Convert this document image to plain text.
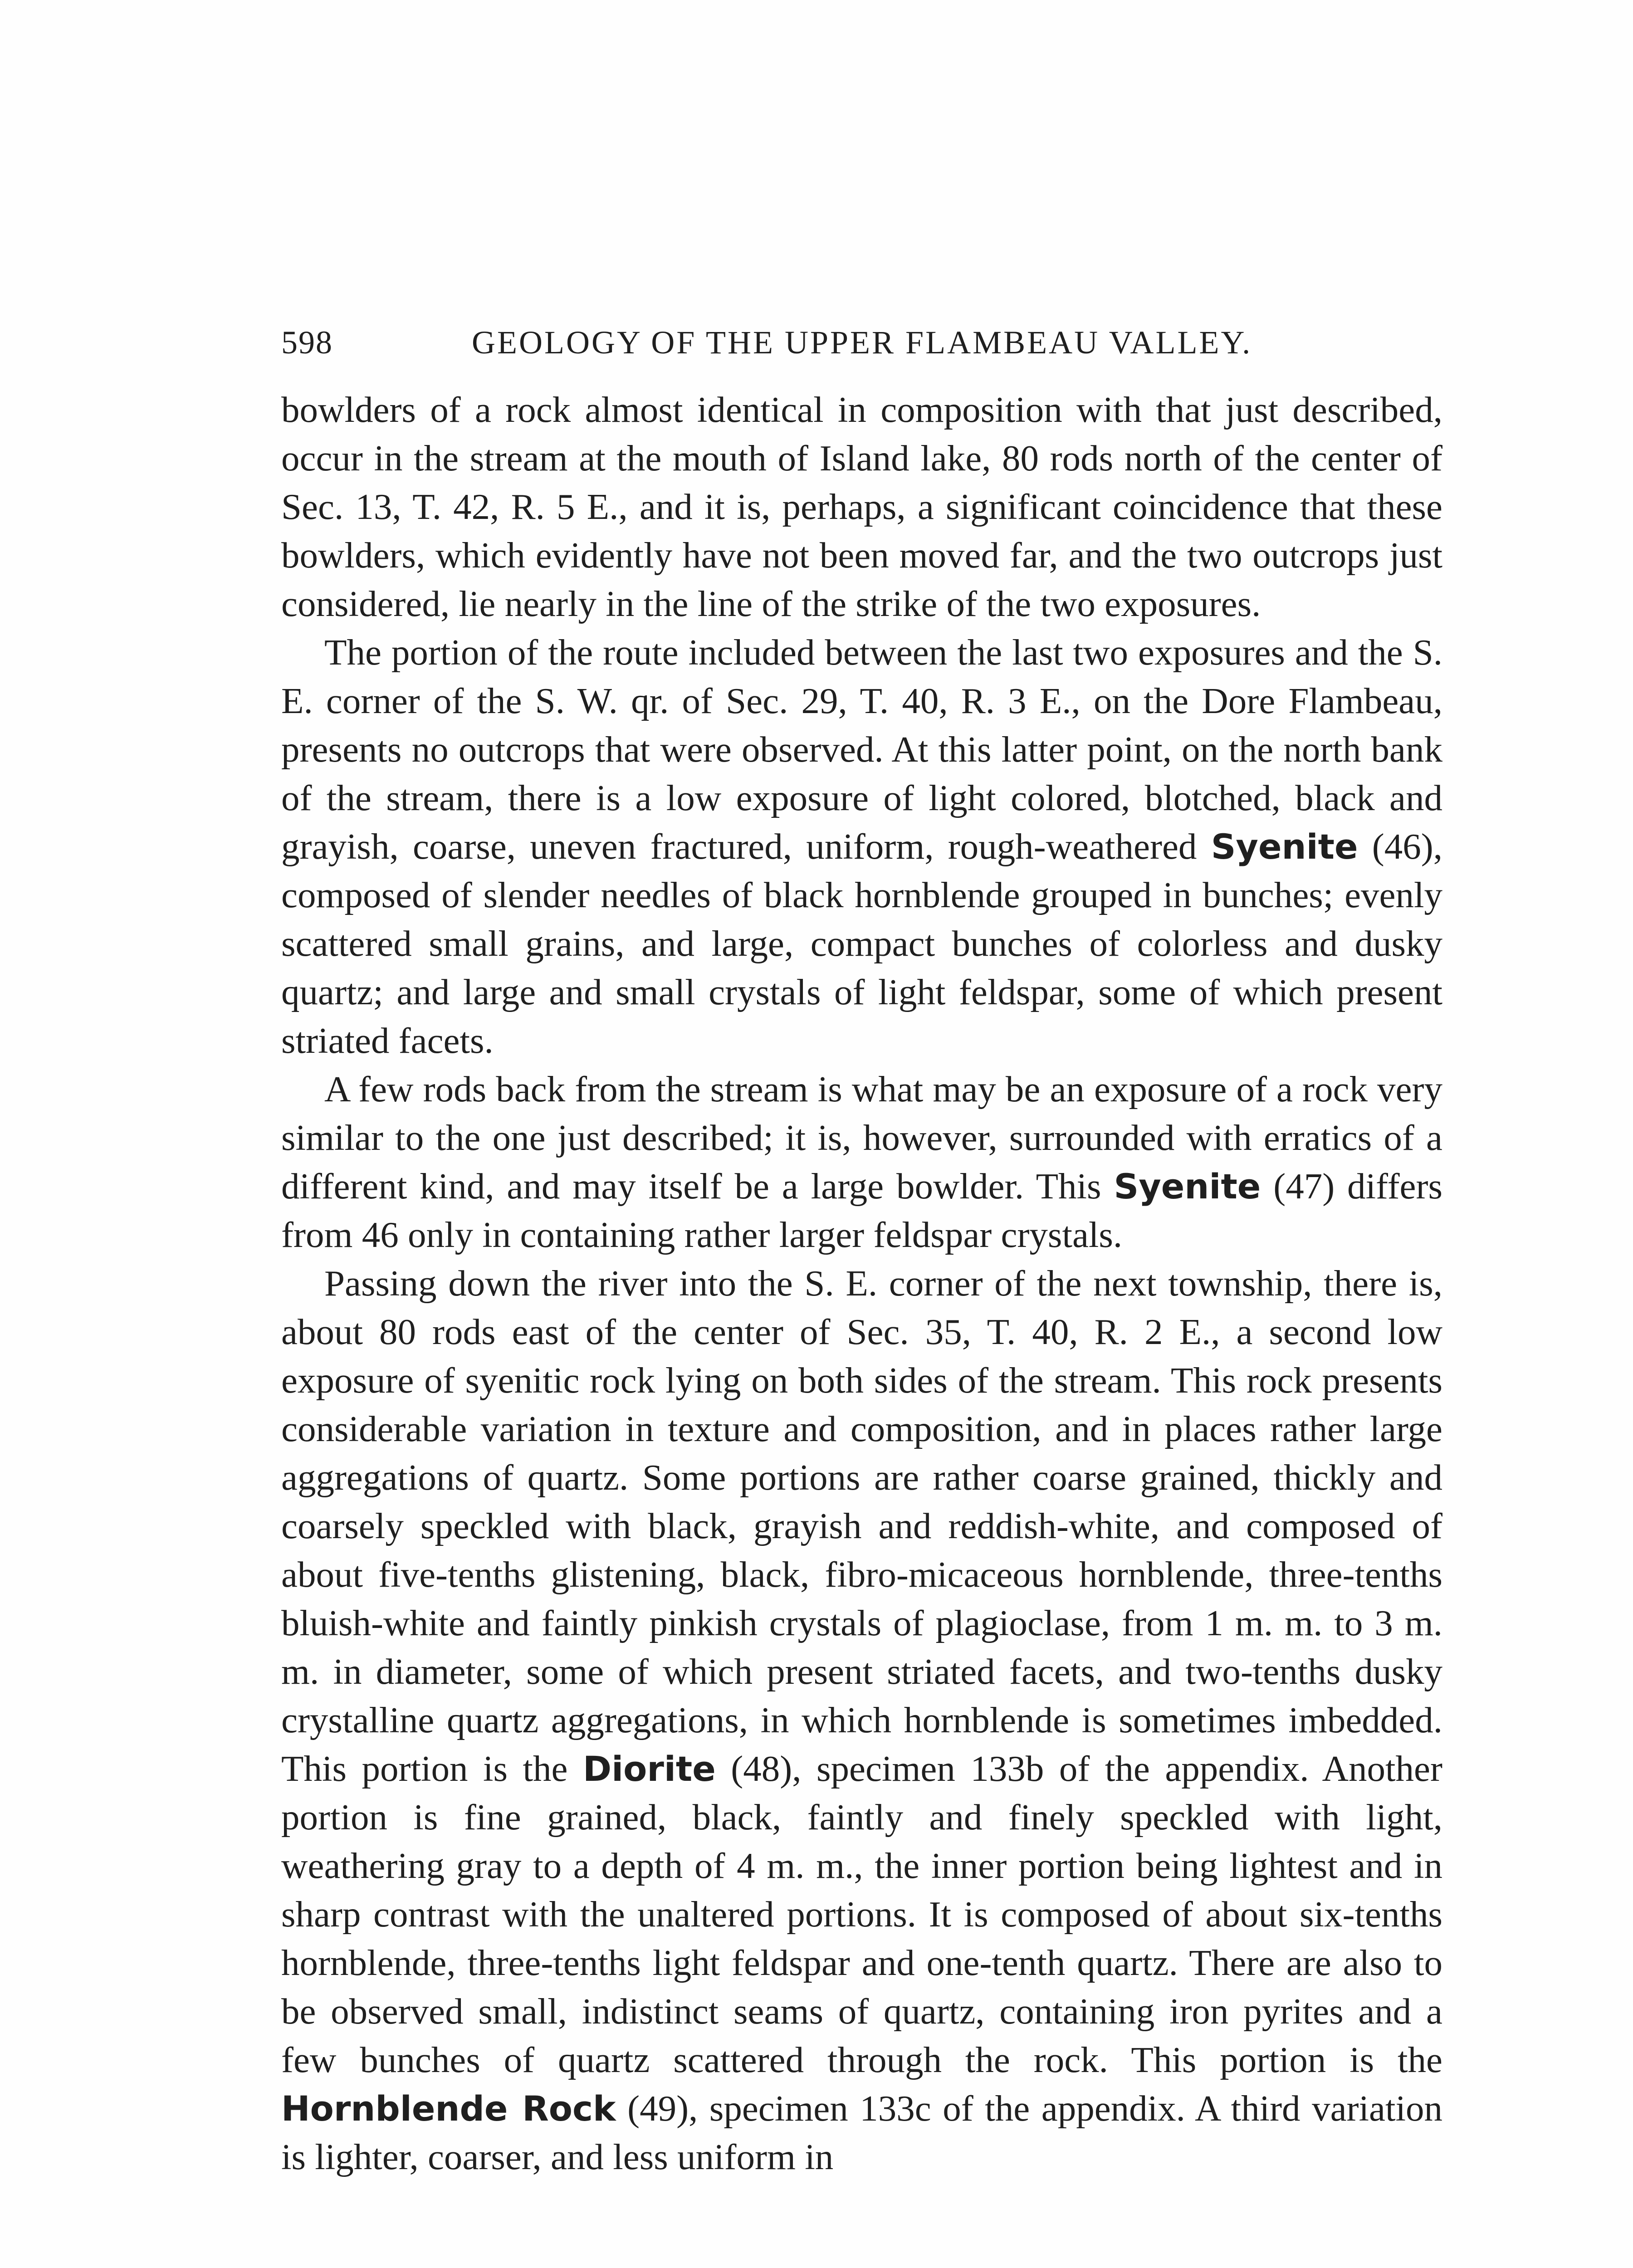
598	GEOLOGY OF THE UPPER FLAMBEAU VALLEY.

bowlders of a rock almost identical in composition with that just described, occur in the stream at the mouth of Island lake, 80 rods north of the center of Sec. 13, T. 42, R. 5 E., and it is, perhaps, a significant coincidence that these bowlders, which evidently have not been moved far, and the two outcrops just considered, lie nearly in the line of the strike of the two exposures.

The portion of the route included between the last two exposures and the S. E. corner of the S. W. qr. of Sec. 29, T. 40, R. 3 E., on the Dore Flambeau, presents no outcrops that were observed. At this latter point, on the north bank of the stream, there is a low exposure of light colored, blotched, black and grayish, coarse, uneven fractured, uniform, rough-weathered Syenite (46), composed of slender needles of black hornblende grouped in bunches; evenly scattered small grains, and large, compact bunches of colorless and dusky quartz; and large and small crystals of light feldspar, some of which present striated facets.

A few rods back from the stream is what may be an exposure of a rock very similar to the one just described; it is, however, surrounded with erratics of a different kind, and may itself be a large bowlder. This Syenite (47) differs from 46 only in containing rather larger feldspar crystals.

Passing down the river into the S. E. corner of the next township, there is, about 80 rods east of the center of Sec. 35, T. 40, R. 2 E., a second low exposure of syenitic rock lying on both sides of the stream. This rock presents considerable variation in texture and composition, and in places rather large aggregations of quartz. Some portions are rather coarse grained, thickly and coarsely speckled with black, grayish and reddish-white, and composed of about five-tenths glistening, black, fibro-micaceous hornblende, three-tenths bluish-white and faintly pinkish crystals of plagioclase, from 1 m. m. to 3 m. m. in diameter, some of which present striated facets, and two-tenths dusky crystalline quartz aggregations, in which hornblende is sometimes imbedded. This portion is the Diorite (48), specimen 133b of the appendix. Another portion is fine grained, black, faintly and finely speckled with light, weathering gray to a depth of 4 m. m., the inner portion being lightest and in sharp contrast with the unaltered portions. It is composed of about six-tenths hornblende, three-tenths light feldspar and one-tenth quartz. There are also to be observed small, indistinct seams of quartz, containing iron pyrites and a few bunches of quartz scattered through the rock. This portion is the Hornblende Rock (49), specimen 133c of the appendix. A third variation is lighter, coarser, and less uniform in
